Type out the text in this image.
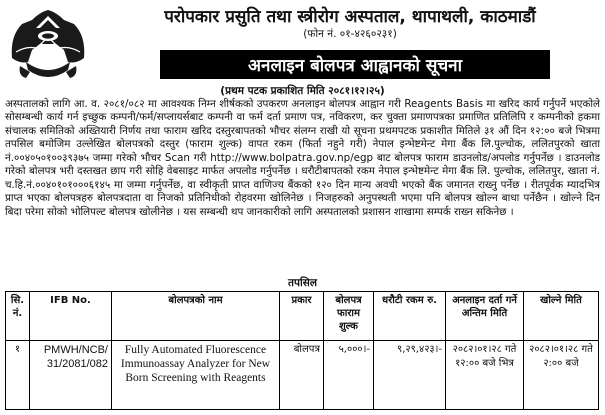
परोपकार प्रसुति तथा स्त्रीरोग अस्पताल, थापाथली, काठमाडौं
(फोन नं. ०१-४२६०२३१)
अनलाइन बोलपत्र आह्वानको सूचना
(प्रथम पटक प्रकाशित मिति २०८१।१२।२५)

अस्पतालको लागि आ. व. २०८१/०८२ मा आवश्यक निम्न शीर्षकको उपकरण अनलाइन बोलपत्र आह्वान गरी Reagents Basis मा खरिद कार्य गर्नुपर्ने भएकोले सोसम्बन्धी कार्य गर्न इच्छुक कम्पनी/फर्म/सप्लायर्सबाट कम्पनी वा फर्म दर्ता प्रमाण पत्र, नविकरण, कर चुक्ता प्रमाणपत्रका प्रमाणित प्रतिलिपि र कम्पनीको हकमा संचालक समितिको अख्तियारी निर्णय तथा फाराम खरिद दस्तुरबापतको भौचर संलग्न राखी यो सूचना प्रथमपटक प्रकाशीत मितिले ३१ औं दिन १२:०० बजे भित्रमा तपसिल बमोजिम उल्लेखित बोलपत्रको दस्तुर (फाराम शुल्क) वापत रकम (फिर्ता नहुने गरी) नेपाल इन्भेष्टमेन्ट मेगा बैंक लि.पुल्चोक, ललितपुरको खाता नं.००४०५०१००३९३७५ जम्मा गरेको भौचर Scan गरी http://www.bolpatra.gov.np/egp बाट बोलपत्र फाराम डाउनलोड/अपलोड गर्नुपर्नेछ । डाउनलोड गरेको बोलपत्र भरी दस्तखत छाप गरी सोहि वेबसाइट मार्फत अपलोड गर्नुपर्नेछ । धरौटीबापतको रकम नेपाल इन्भेष्टमेन्ट मेगा बैंक लि. पुल्चोक, ललितपुर, खाता नं. च.हि.नं.००४०१०१०००६१४५ मा जम्मा गर्नुपर्नेछ, वा स्वीकृती प्राप्त वाणिज्य बैंकको १२० दिन मान्य अवधी भएको बैंक जमानत राख्नु पर्नेछ । रीतपूर्वक म्यादभित्र प्राप्त भएका बोलपत्रहरु बोलपत्रदाता वा निजको प्रतिनिधीको रोहवरमा खोलिनेछ । निजहरुको अनुपस्थती भएमा पनि बोलपत्र खोल्न बाधा पर्नेछैन । खोल्ने दिन बिदा परेमा सोको भोलिपल्ट बोलपत्र खोलीनेछ । यस सम्बन्धी थप जानकारीको लागि अस्पतालको प्रशासन शाखामा सम्पर्क राख्न सकिनेछ ।

तपसिल
सि. नं.	IFB No.	बोलपत्रको नाम	प्रकार	बोलपत्र फाराम शुल्क	धरौटी रकम रु.	अनलाइन दर्ता गर्ने अन्तिम मिति	खोल्ने मिति
१	PMWH/NCB/ 31/2081/082	Fully Automated Fluorescence Immunoassay Analyzer for New Born Screening with Reagents	बोलपत्र	५,०००।-	९,२९,४२३।-	२०८२।०१।२८ गते १२:०० बजे भित्र	२०८२।०१।२८ गते २:०० बजे
